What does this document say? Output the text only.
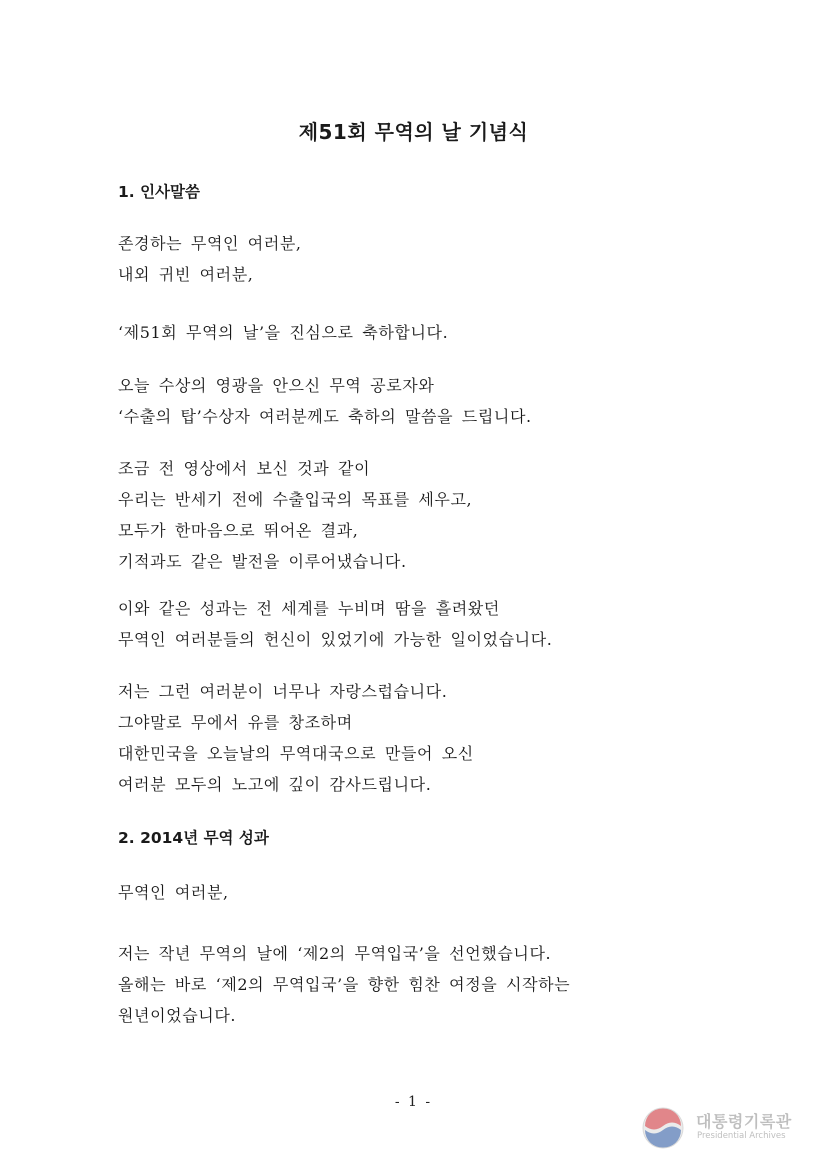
제51회 무역의 날 기념식
1. 인사말씀

존경하는 무역인 여러분,
내외 귀빈 여러분,

‘제51회 무역의 날’을 진심으로 축하합니다.

오늘 수상의 영광을 안으신 무역 공로자와
‘수출의 탑’수상자 여러분께도 축하의 말씀을 드립니다.

조금 전 영상에서 보신 것과 같이
우리는 반세기 전에 수출입국의 목표를 세우고,
모두가 한마음으로 뛰어온 결과,
기적과도 같은 발전을 이루어냈습니다.

이와 같은 성과는 전 세계를 누비며 땀을 흘려왔던
무역인 여러분들의 헌신이 있었기에 가능한 일이었습니다.

저는 그런 여러분이 너무나 자랑스럽습니다.
그야말로 무에서 유를 창조하며
대한민국을 오늘날의 무역대국으로 만들어 오신
여러분 모두의 노고에 깊이 감사드립니다.

2. 2014년 무역 성과

무역인 여러분,

저는 작년 무역의 날에 ‘제2의 무역입국’을 선언했습니다.
올해는 바로 ‘제2의 무역입국’을 향한 힘찬 여정을 시작하는
원년이었습니다.

- 1 -
대통령기록관
Presidential Archives
